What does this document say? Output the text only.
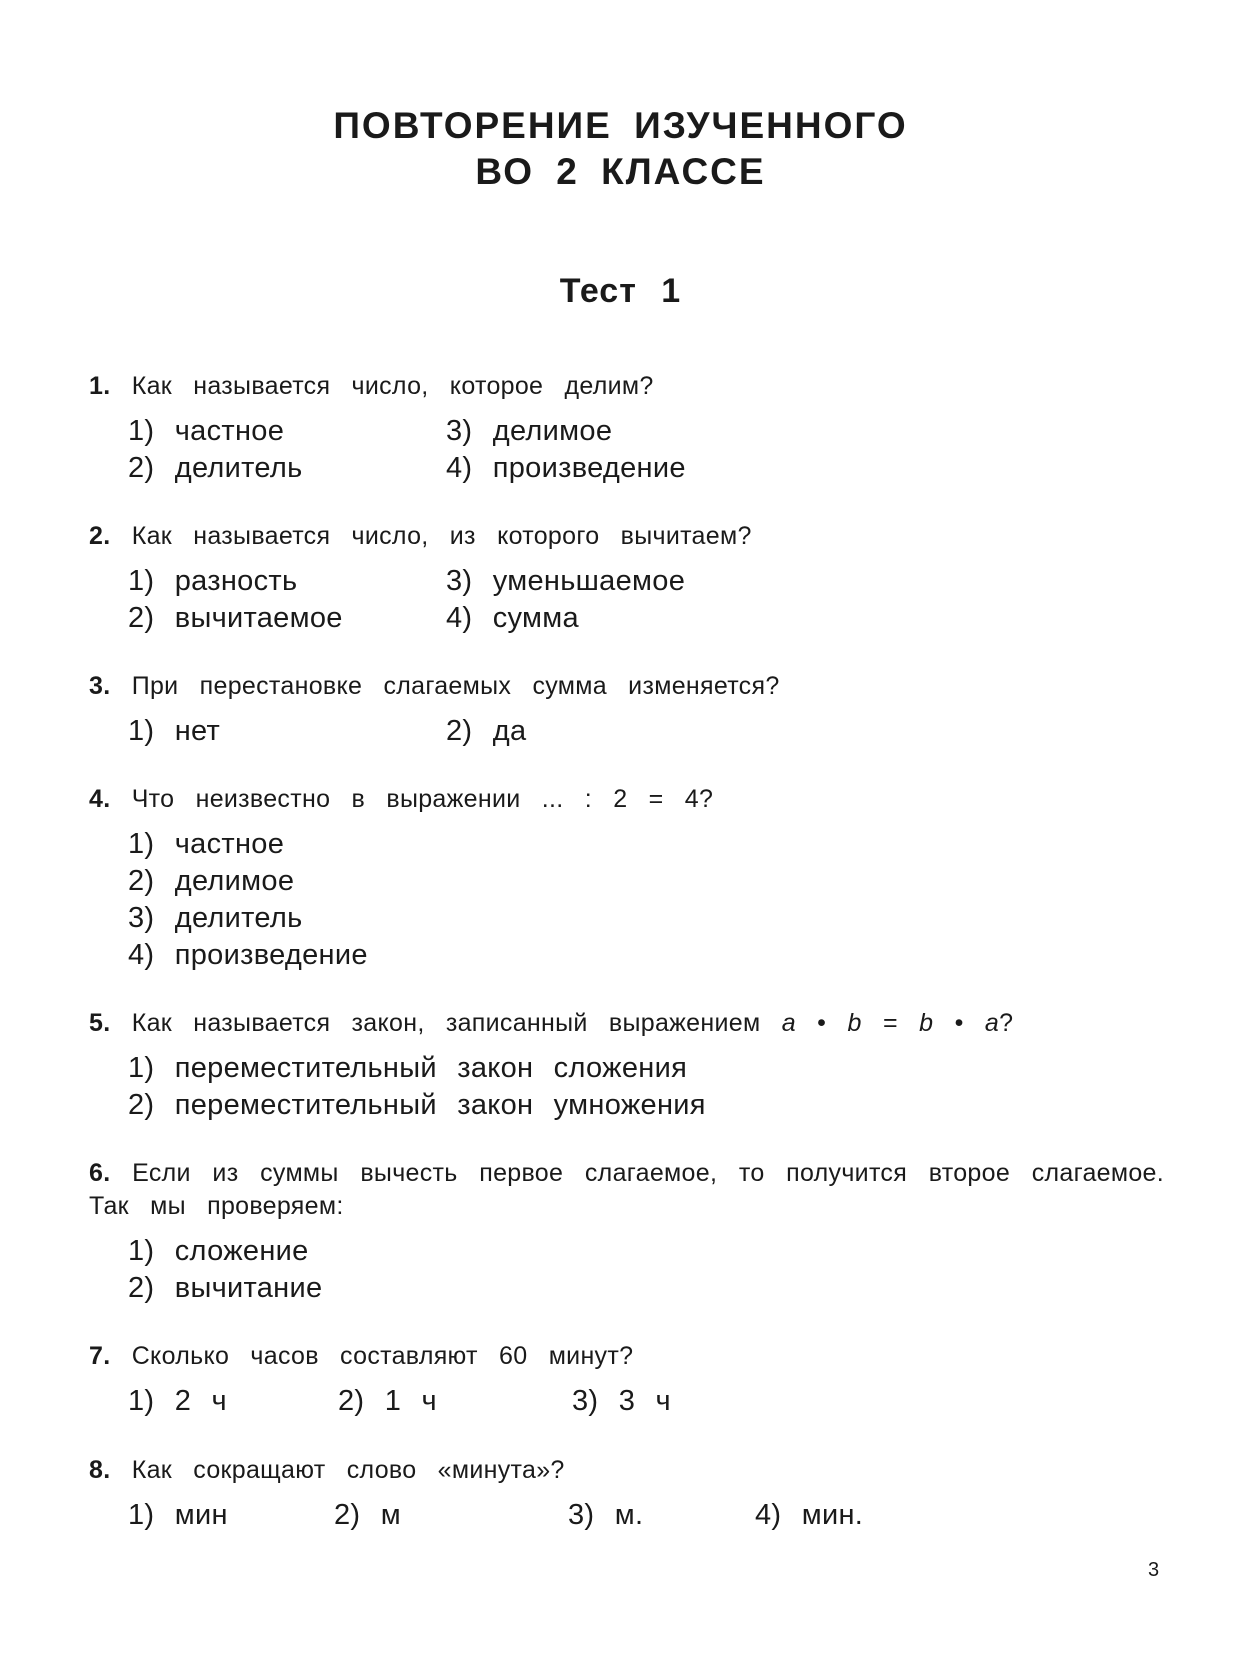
ПОВТОРЕНИЕ ИЗУЧЕННОГО
ВО 2 КЛАССЕ
Тест 1
1. Как называется число, которое делим?
1) частное
2) делитель
3) делимое
4) произведение
2. Как называется число, из которого вычитаем?
1) разность
2) вычитаемое
3) уменьшаемое
4) сумма
3. При перестановке слагаемых сумма изменяется?
1) нет	2) да
4. Что неизвестно в выражении ... : 2 = 4?
1) частное
2) делимое
3) делитель
4) произведение
5. Как называется закон, записанный выражением a • b = b • a?
1) переместительный закон сложения
2) переместительный закон умножения
6. Если из суммы вычесть первое слагаемое, то получится второе слагаемое. Так мы проверяем:
1) сложение
2) вычитание
7. Сколько часов составляют 60 минут?
1) 2 ч	2) 1 ч	3) 3 ч
8. Как сокращают слово «минута»?
1) мин	2) м	3) м.	4) мин.
3
